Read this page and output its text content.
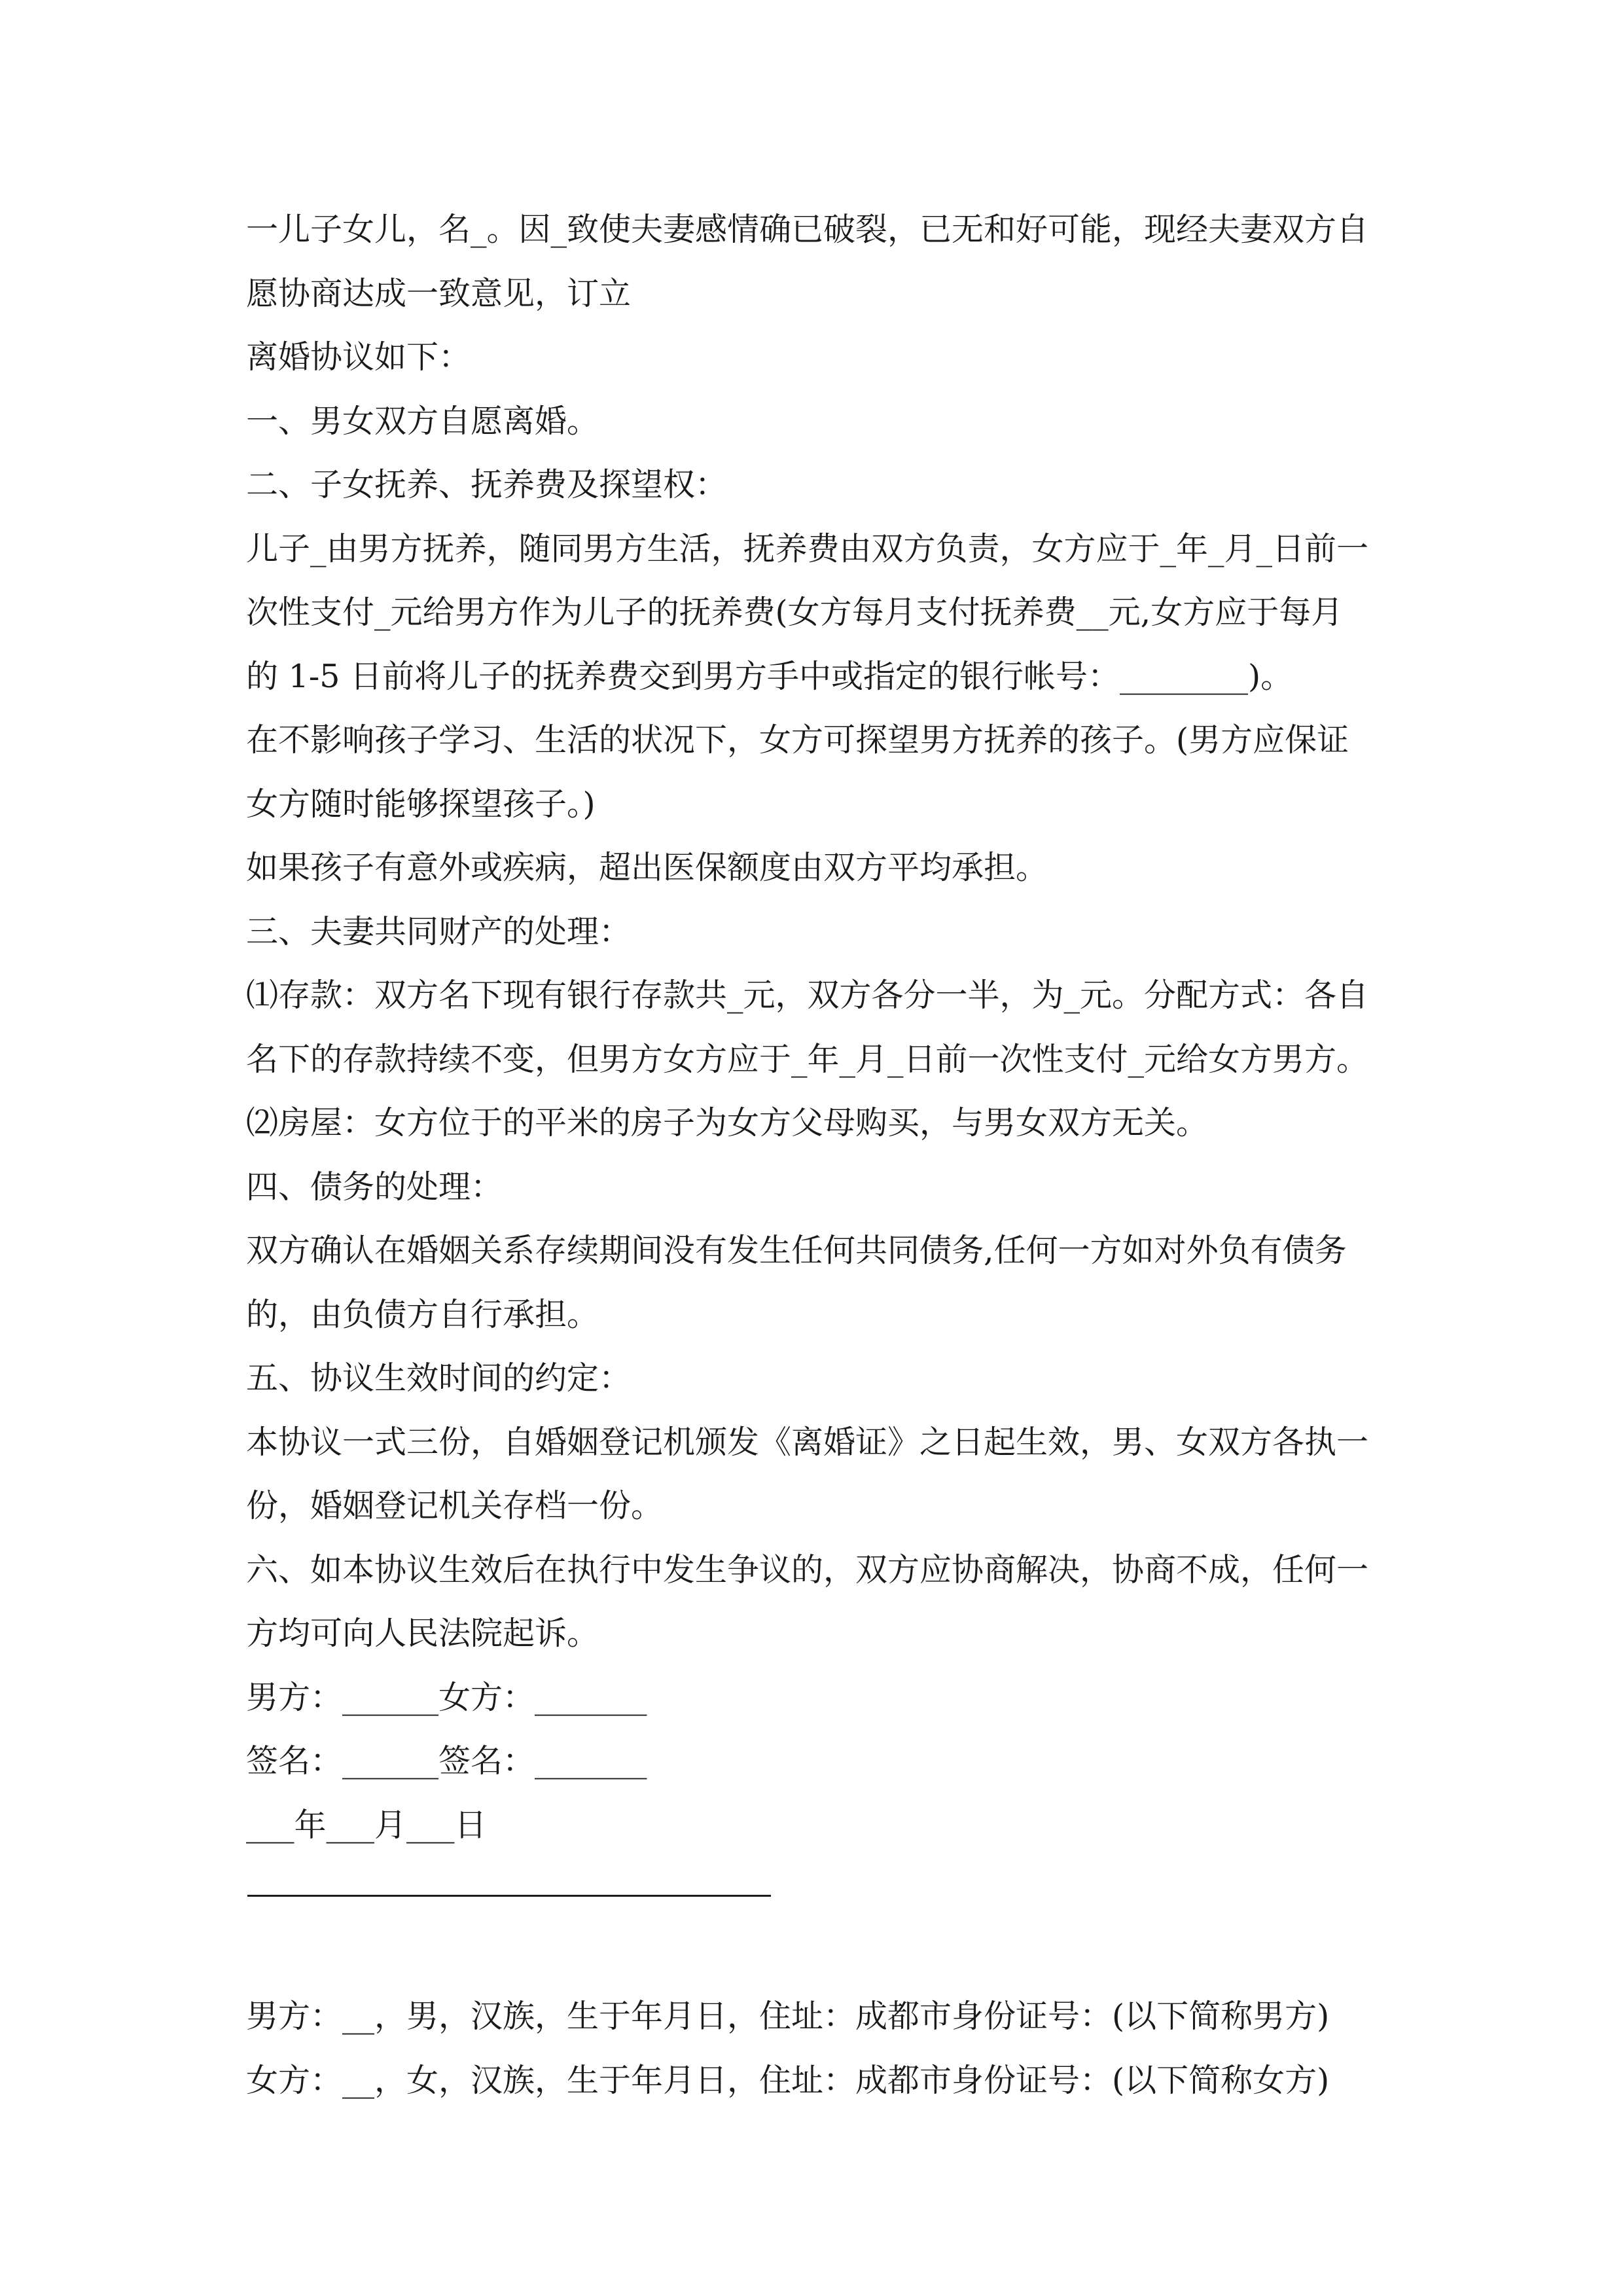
一儿子女儿，名_。因_致使夫妻感情确已破裂，已无和好可能，现经夫妻双方自
愿协商达成一致意见，订立
离婚协议如下：
一、男女双方自愿离婚。
二、子女抚养、抚养费及探望权：
儿子_由男方抚养，随同男方生活，抚养费由双方负责，女方应于_年_月_日前一
次性支付_元给男方作为儿子的抚养费(女方每月支付抚养费__元,女方应于每月
的 1-5 日前将儿子的抚养费交到男方手中或指定的银行帐号：________)。
在不影响孩子学习、生活的状况下，女方可探望男方抚养的孩子。(男方应保证
女方随时能够探望孩子。)
如果孩子有意外或疾病，超出医保额度由双方平均承担。
三、夫妻共同财产的处理：
⑴存款：双方名下现有银行存款共_元，双方各分一半，为_元。分配方式：各自
名下的存款持续不变，但男方女方应于_年_月_日前一次性支付_元给女方男方。
⑵房屋：女方位于的平米的房子为女方父母购买，与男女双方无关。
四、债务的处理：
双方确认在婚姻关系存续期间没有发生任何共同债务,任何一方如对外负有债务
的，由负债方自行承担。
五、协议生效时间的约定：
本协议一式三份，自婚姻登记机颁发《离婚证》之日起生效，男、女双方各执一
份，婚姻登记机关存档一份。
六、如本协议生效后在执行中发生争议的，双方应协商解决，协商不成，任何一
方均可向人民法院起诉。
男方：______女方：_______
签名：______签名：_______
___年___月___日
男方：__，男，汉族，生于年月日，住址：成都市身份证号：(以下简称男方)
女方：__，女，汉族，生于年月日，住址：成都市身份证号：(以下简称女方)
